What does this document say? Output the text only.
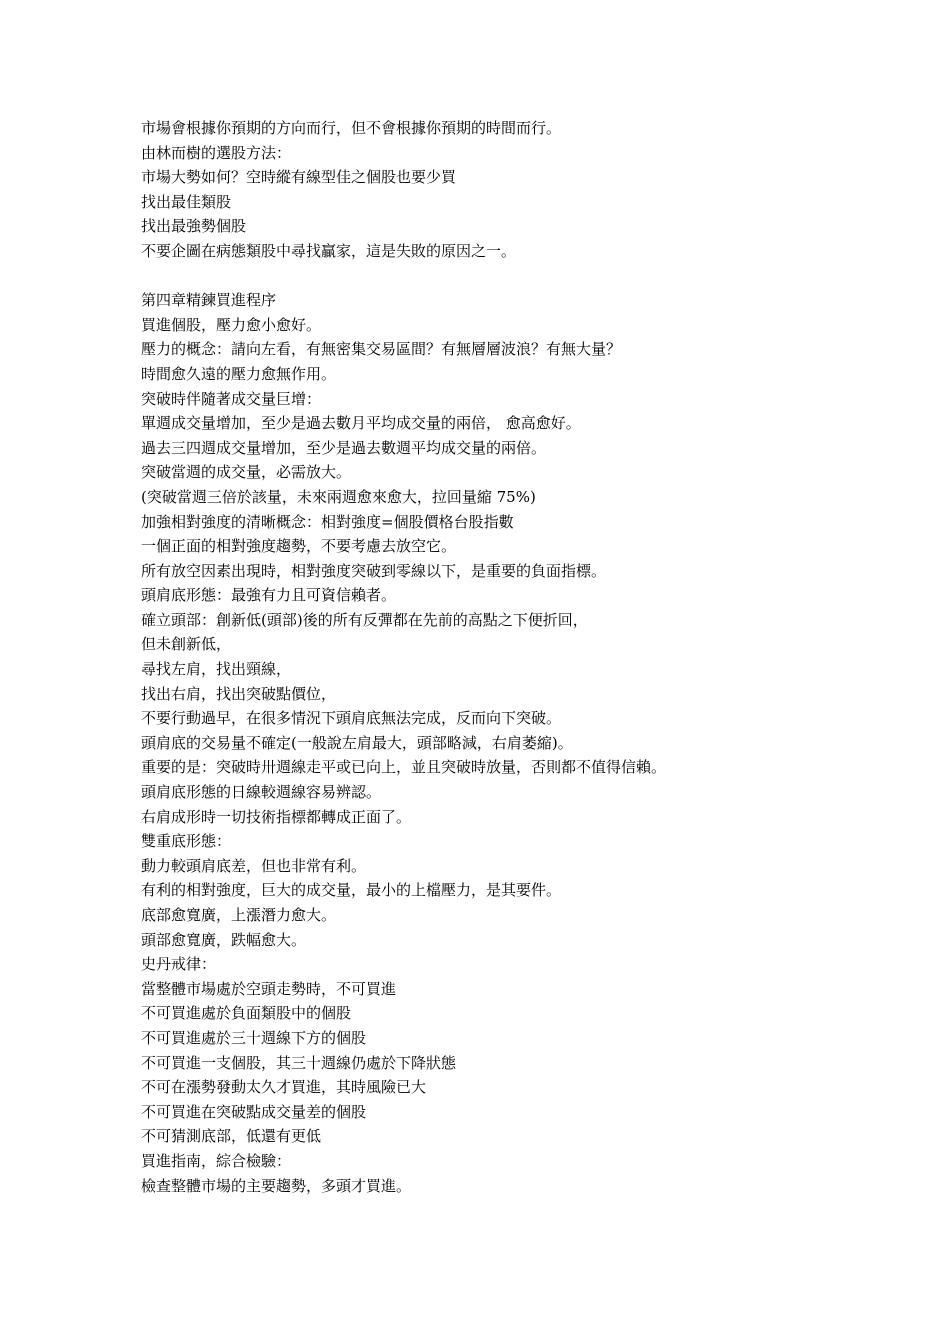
市場會根據你預期的方向而行，但不會根據你預期的時間而行。

由林而樹的選股方法：

市場大勢如何？空時縱有線型佳之個股也要少買

找出最佳類股

找出最強勢個股

不要企圖在病態類股中尋找贏家，這是失敗的原因之一。

第四章精鍊買進程序

買進個股，壓力愈小愈好。

壓力的概念：請向左看，有無密集交易區間？有無層層波浪？有無大量？

時間愈久遠的壓力愈無作用。

突破時伴隨著成交量巨增：

單週成交量增加，至少是過去數月平均成交量的兩倍， 愈高愈好。

過去三四週成交量增加，至少是過去數週平均成交量的兩倍。

突破當週的成交量，必需放大。

(突破當週三倍於該量，未來兩週愈來愈大，拉回量縮 75%)

加強相對強度的清晰概念：相對強度=個股價格台股指數

一個正面的相對強度趨勢，不要考慮去放空它。

所有放空因素出現時，相對強度突破到零線以下，是重要的負面指標。

頭肩底形態：最強有力且可資信賴者。

確立頭部：創新低(頭部)後的所有反彈都在先前的高點之下便折回，

但未創新低，

尋找左肩，找出頸線，

找出右肩，找出突破點價位，

不要行動過早，在很多情況下頭肩底無法完成，反而向下突破。

頭肩底的交易量不確定(一般說左肩最大，頭部略減，右肩萎縮)。

重要的是：突破時卅週線走平或已向上，並且突破時放量，否則都不值得信賴。

頭肩底形態的日線較週線容易辨認。

右肩成形時一切技術指標都轉成正面了。

雙重底形態：

動力較頭肩底差，但也非常有利。

有利的相對強度，巨大的成交量，最小的上檔壓力，是其要件。

底部愈寬廣，上漲潛力愈大。

頭部愈寬廣，跌幅愈大。

史丹戒律：

當整體市場處於空頭走勢時，不可買進

不可買進處於負面類股中的個股

不可買進處於三十週線下方的個股

不可買進一支個股，其三十週線仍處於下降狀態

不可在漲勢發動太久才買進，其時風險已大

不可買進在突破點成交量差的個股

不可猜測底部，低還有更低

買進指南，綜合檢驗：

檢查整體市場的主要趨勢，多頭才買進。
